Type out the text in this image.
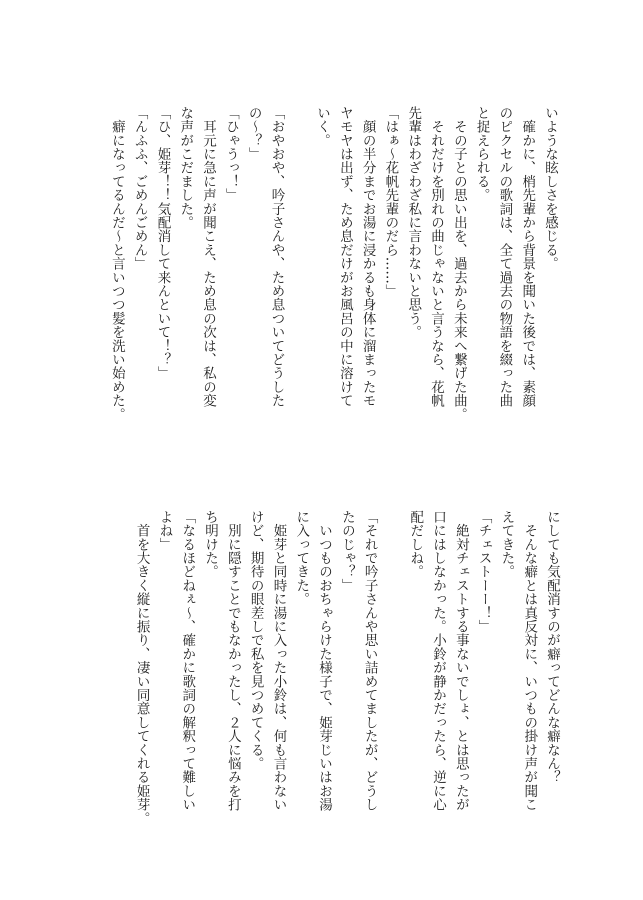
いような眩しさを感じる。
　確かに、梢先輩から背景を聞いた後では、素顔
のピクセルの歌詞は、全て過去の物語を綴った曲
と捉えられる。
　その子との思い出を、過去から未来へ繋げた曲。
　それだけを別れの曲じゃないと言うなら、花帆
先輩はわざわざ私に言わないと思う。
「はぁ〜花帆先輩のだら……」
　顔の半分までお湯に浸かるも身体に溜まったモ
ヤモヤは出ず、ため息だけがお風呂の中に溶けて
いく。
「おやおや、吟子さんや、ため息ついてどうした
の〜？」
「ひゃうっ！」
　耳元に急に声が聞こえ、ため息の次は、私の変
な声がこだました。
「ひ、姫芽！！気配消して来んといて！？」
「んふふ、ごめんごめん」
　癖になってるんだ〜と言いつつ髪を洗い始めた。
にしても気配消すのが癖ってどんな癖なん？
　そんな癖とは真反対に、いつもの掛け声が聞こ
えてきた。
「チェストーー！」
　絶対チェストする事ないでしょ、とは思ったが
口にはしなかった。小鈴が静かだったら、逆に心
配だしね。
「それで吟子さんや思い詰めてましたが、どうし
たのじゃ？」
　いつものおちゃらけた様子で、姫芽じいはお湯
に入ってきた。
　姫芽と同時に湯に入った小鈴は、何も言わない
けど、期待の眼差しで私を見つめてくる。
　別に隠すことでもなかったし、２人に悩みを打
ち明けた。
「なるほどねぇ〜、確かに歌詞の解釈って難しい
よね」
　首を大きく縦に振り、凄い同意してくれる姫芽。
